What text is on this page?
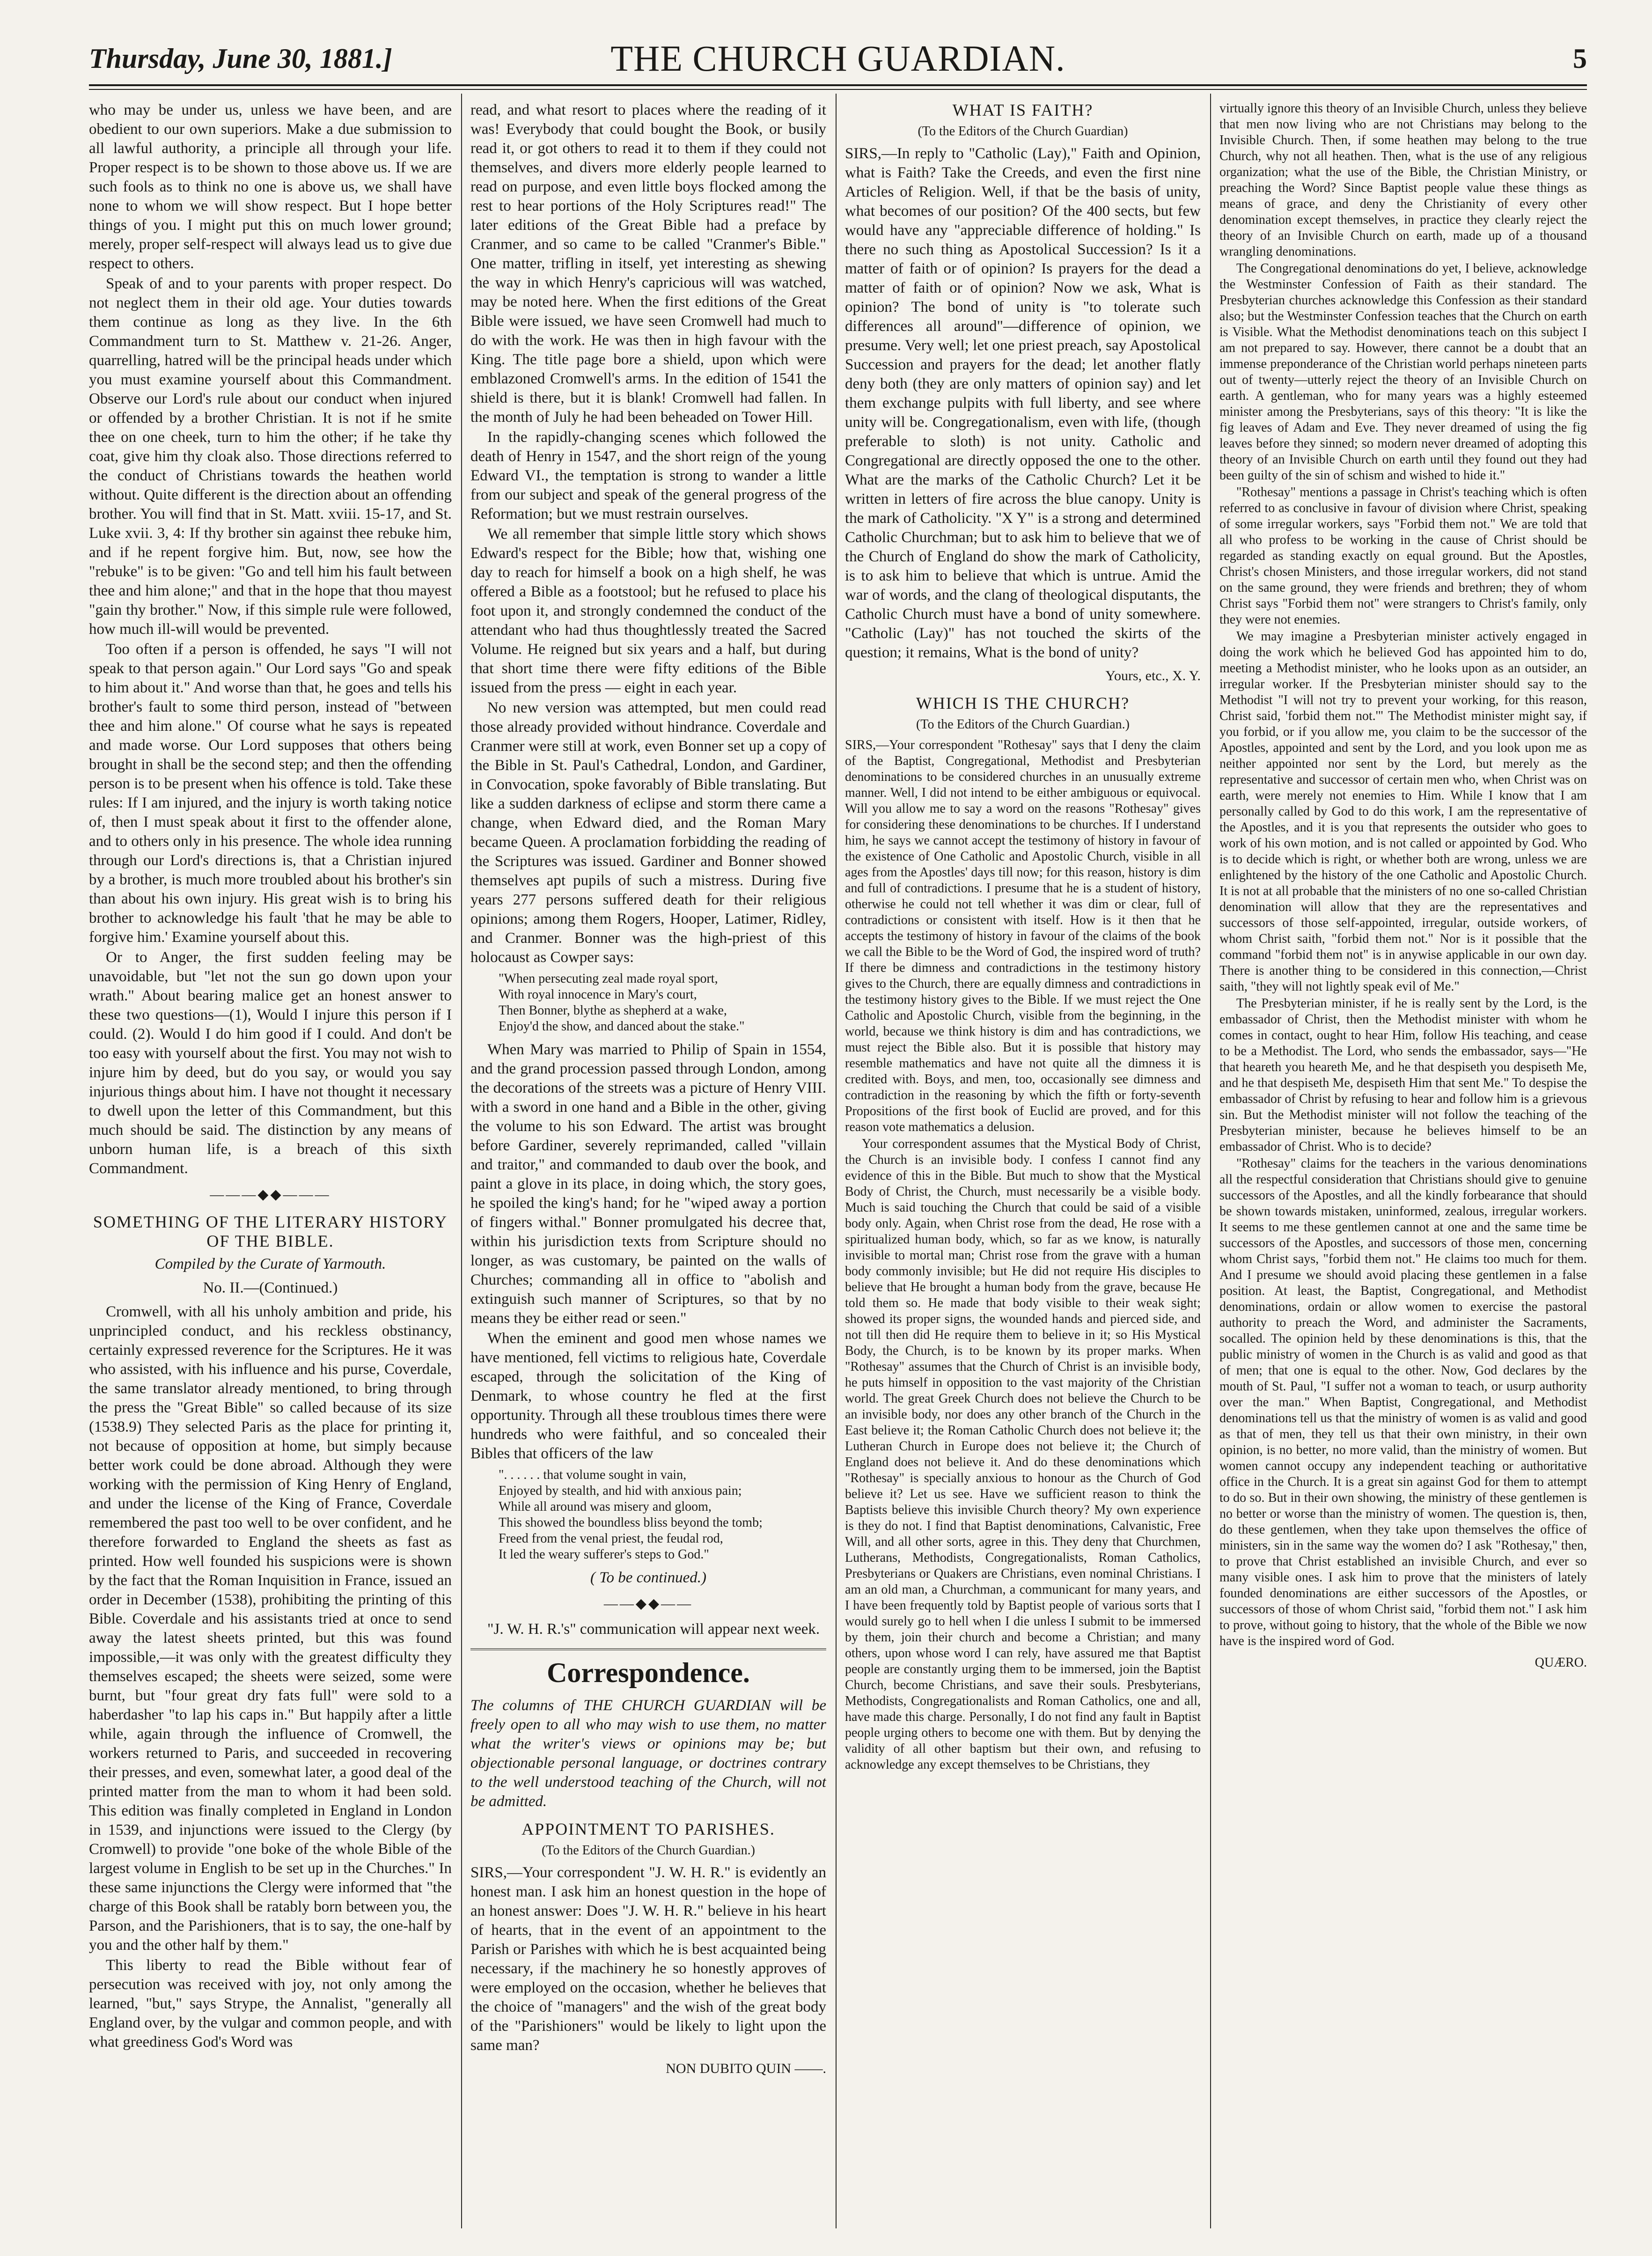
Thursday, June 30, 1881.]	THE CHURCH GUARDIAN.	5

who may be under us, unless we have been, and are obedient to our own superiors. Make a due submission to all lawful authority, a principle all through your life. Proper respect is to be shown to those above us. If we are such fools as to think no one is above us, we shall have none to whom we will show respect. But I hope better things of you. I might put this on much lower ground; merely, proper self-respect will always lead us to give due respect to others.

Speak of and to your parents with proper respect. Do not neglect them in their old age. Your duties towards them continue as long as they live. In the 6th Commandment turn to St. Matthew v. 21-26. Anger, quarrelling, hatred will be the principal heads under which you must examine yourself about this Commandment. Observe our Lord's rule about our conduct when injured or offended by a brother Christian. It is not if he smite thee on one cheek, turn to him the other; if he take thy coat, give him thy cloak also. Those directions referred to the conduct of Christians towards the heathen world without. Quite different is the direction about an offending brother. You will find that in St. Matt. xviii. 15-17, and St. Luke xvii. 3, 4: If thy brother sin against thee rebuke him, and if he repent forgive him. But, now, see how the "rebuke" is to be given: "Go and tell him his fault between thee and him alone;" and that in the hope that thou mayest "gain thy brother." Now, if this simple rule were followed, how much ill-will would be prevented.

Too often if a person is offended, he says "I will not speak to that person again." Our Lord says "Go and speak to him about it." And worse than that, he goes and tells his brother's fault to some third person, instead of "between thee and him alone." Of course what he says is repeated and made worse. Our Lord supposes that others being brought in shall be the second step; and then the offending person is to be present when his offence is told. Take these rules: If I am injured, and the injury is worth taking notice of, then I must speak about it first to the offender alone, and to others only in his presence. The whole idea running through our Lord's directions is, that a Christian injured by a brother, is much more troubled about his brother's sin than about his own injury. His great wish is to bring his brother to acknowledge his fault 'that he may be able to forgive him.' Examine yourself about this.

Or to Anger, the first sudden feeling may be unavoidable, but "let not the sun go down upon your wrath." About bearing malice get an honest answer to these two questions—(1), Would I injure this person if I could. (2). Would I do him good if I could. And don't be too easy with yourself about the first. You may not wish to injure him by deed, but do you say, or would you say injurious things about him. I have not thought it necessary to dwell upon the letter of this Commandment, but this much should be said. The distinction by any means of unborn human life, is a breach of this sixth Commandment.

———◆◆———
SOMETHING OF THE LITERARY HISTORY OF THE BIBLE.
Compiled by the Curate of Yarmouth.
No. II.—(Continued.)

Cromwell, with all his unholy ambition and pride, his unprincipled conduct, and his reckless obstinancy, certainly expressed reverence for the Scriptures. He it was who assisted, with his influence and his purse, Coverdale, the same translator already mentioned, to bring through the press the "Great Bible" so called because of its size (1538.9) They selected Paris as the place for printing it, not because of opposition at home, but simply because better work could be done abroad. Although they were working with the permission of King Henry of England, and under the license of the King of France, Coverdale remembered the past too well to be over confident, and he therefore forwarded to England the sheets as fast as printed. How well founded his suspicions were is shown by the fact that the Roman Inquisition in France, issued an order in December (1538), prohibiting the printing of this Bible. Coverdale and his assistants tried at once to send away the latest sheets printed, but this was found impossible,—it was only with the greatest difficulty they themselves escaped; the sheets were seized, some were burnt, but "four great dry fats full" were sold to a haberdasher "to lap his caps in." But happily after a little while, again through the influence of Cromwell, the workers returned to Paris, and succeeded in recovering their presses, and even, somewhat later, a good deal of the printed matter from the man to whom it had been sold. This edition was finally completed in England in London in 1539, and injunctions were issued to the Clergy (by Cromwell) to provide "one boke of the whole Bible of the largest volume in English to be set up in the Churches." In these same injunctions the Clergy were informed that "the charge of this Book shall be ratably born between you, the Parson, and the Parishioners, that is to say, the one-half by you and the other half by them."

This liberty to read the Bible without fear of persecution was received with joy, not only among the learned, "but," says Strype, the Annalist, "generally all England over, by the vulgar and common people, and with what greediness God's Word was

read, and what resort to places where the reading of it was! Everybody that could bought the Book, or busily read it, or got others to read it to them if they could not themselves, and divers more elderly people learned to read on purpose, and even little boys flocked among the rest to hear portions of the Holy Scriptures read!" The later editions of the Great Bible had a preface by Cranmer, and so came to be called "Cranmer's Bible." One matter, trifling in itself, yet interesting as shewing the way in which Henry's capricious will was watched, may be noted here. When the first editions of the Great Bible were issued, we have seen Cromwell had much to do with the work. He was then in high favour with the King. The title page bore a shield, upon which were emblazoned Cromwell's arms. In the edition of 1541 the shield is there, but it is blank! Cromwell had fallen. In the month of July he had been beheaded on Tower Hill.

In the rapidly-changing scenes which followed the death of Henry in 1547, and the short reign of the young Edward VI., the temptation is strong to wander a little from our subject and speak of the general progress of the Reformation; but we must restrain ourselves.

We all remember that simple little story which shows Edward's respect for the Bible; how that, wishing one day to reach for himself a book on a high shelf, he was offered a Bible as a footstool; but he refused to place his foot upon it, and strongly condemned the conduct of the attendant who had thus thoughtlessly treated the Sacred Volume. He reigned but six years and a half, but during that short time there were fifty editions of the Bible issued from the press — eight in each year.

No new version was attempted, but men could read those already provided without hindrance. Coverdale and Cranmer were still at work, even Bonner set up a copy of the Bible in St. Paul's Cathedral, London, and Gardiner, in Convocation, spoke favorably of Bible translating. But like a sudden darkness of eclipse and storm there came a change, when Edward died, and the Roman Mary became Queen. A proclamation forbidding the reading of the Scriptures was issued. Gardiner and Bonner showed themselves apt pupils of such a mistress. During five years 277 persons suffered death for their religious opinions; among them Rogers, Hooper, Latimer, Ridley, and Cranmer. Bonner was the high-priest of this holocaust as Cowper says:

"When persecuting zeal made royal sport,
With royal innocence in Mary's court,
Then Bonner, blythe as shepherd at a wake,
Enjoy'd the show, and danced about the stake."

When Mary was married to Philip of Spain in 1554, and the grand procession passed through London, among the decorations of the streets was a picture of Henry VIII. with a sword in one hand and a Bible in the other, giving the volume to his son Edward. The artist was brought before Gardiner, severely reprimanded, called "villain and traitor," and commanded to daub over the book, and paint a glove in its place, in doing which, the story goes, he spoiled the king's hand; for he "wiped away a portion of fingers withal." Bonner promulgated his decree that, within his jurisdiction texts from Scripture should no longer, as was customary, be painted on the walls of Churches; commanding all in office to "abolish and extinguish such manner of Scriptures, so that by no means they be either read or seen."

When the eminent and good men whose names we have mentioned, fell victims to religious hate, Coverdale escaped, through the solicitation of the King of Denmark, to whose country he fled at the first opportunity. Through all these troublous times there were hundreds who were faithful, and so concealed their Bibles that officers of the law

". . . . . . that volume sought in vain,
Enjoyed by stealth, and hid with anxious pain;
While all around was misery and gloom,
This showed the boundless bliss beyond the tomb;
Freed from the venal priest, the feudal rod,
It led the weary sufferer's steps to God."
( To be continued.)
——◆◆——

"J. W. H. R.'s" communication will appear next week.

Correspondence.
The columns of THE CHURCH GUARDIAN will be freely open to all who may wish to use them, no matter what the writer's views or opinions may be; but objectionable personal language, or doctrines contrary to the well understood teaching of the Church, will not be admitted.
APPOINTMENT TO PARISHES.
(To the Editors of the Church Guardian.)

SIRS,—Your correspondent "J. W. H. R." is evidently an honest man. I ask him an honest question in the hope of an honest answer: Does "J. W. H. R." believe in his heart of hearts, that in the event of an appointment to the Parish or Parishes with which he is best acquainted being necessary, if the machinery he so honestly approves of were employed on the occasion, whether he believes that the choice of "managers" and the wish of the great body of the "Parishioners" would be likely to light upon the same man?

NON DUBITO QUIN ——.
WHAT IS FAITH?
(To the Editors of the Church Guardian)

SIRS,—In reply to "Catholic (Lay)," Faith and Opinion, what is Faith? Take the Creeds, and even the first nine Articles of Religion. Well, if that be the basis of unity, what becomes of our position? Of the 400 sects, but few would have any "appreciable difference of holding." Is there no such thing as Apostolical Succession? Is it a matter of faith or of opinion? Is prayers for the dead a matter of faith or of opinion? Now we ask, What is opinion? The bond of unity is "to tolerate such differences all around"—difference of opinion, we presume. Very well; let one priest preach, say Apostolical Succession and prayers for the dead; let another flatly deny both (they are only matters of opinion say) and let them exchange pulpits with full liberty, and see where unity will be. Congregationalism, even with life, (though preferable to sloth) is not unity. Catholic and Congregational are directly opposed the one to the other. What are the marks of the Catholic Church? Let it be written in letters of fire across the blue canopy. Unity is the mark of Catholicity. "X Y" is a strong and determined Catholic Churchman; but to ask him to believe that we of the Church of England do show the mark of Catholicity, is to ask him to believe that which is untrue. Amid the war of words, and the clang of theological disputants, the Catholic Church must have a bond of unity somewhere. "Catholic (Lay)" has not touched the skirts of the question; it remains, What is the bond of unity?

Yours, etc., X. Y.
WHICH IS THE CHURCH?
(To the Editors of the Church Guardian.)

SIRS,—Your correspondent "Rothesay" says that I deny the claim of the Baptist, Congregational, Methodist and Presbyterian denominations to be considered churches in an unusually extreme manner. Well, I did not intend to be either ambiguous or equivocal. Will you allow me to say a word on the reasons "Rothesay" gives for considering these denominations to be churches. If I understand him, he says we cannot accept the testimony of history in favour of the existence of One Catholic and Apostolic Church, visible in all ages from the Apostles' days till now; for this reason, history is dim and full of contradictions. I presume that he is a student of history, otherwise he could not tell whether it was dim or clear, full of contradictions or consistent with itself. How is it then that he accepts the testimony of history in favour of the claims of the book we call the Bible to be the Word of God, the inspired word of truth? If there be dimness and contradictions in the testimony history gives to the Church, there are equally dimness and contradictions in the testimony history gives to the Bible. If we must reject the One Catholic and Apostolic Church, visible from the beginning, in the world, because we think history is dim and has contradictions, we must reject the Bible also. But it is possible that history may resemble mathematics and have not quite all the dimness it is credited with. Boys, and men, too, occasionally see dimness and contradiction in the reasoning by which the fifth or forty-seventh Propositions of the first book of Euclid are proved, and for this reason vote mathematics a delusion.

Your correspondent assumes that the Mystical Body of Christ, the Church is an invisible body. I confess I cannot find any evidence of this in the Bible. But much to show that the Mystical Body of Christ, the Church, must necessarily be a visible body. Much is said touching the Church that could be said of a visible body only. Again, when Christ rose from the dead, He rose with a spiritualized human body, which, so far as we know, is naturally invisible to mortal man; Christ rose from the grave with a human body commonly invisible; but He did not require His disciples to believe that He brought a human body from the grave, because He told them so. He made that body visible to their weak sight; showed its proper signs, the wounded hands and pierced side, and not till then did He require them to believe in it; so His Mystical Body, the Church, is to be known by its proper marks. When "Rothesay" assumes that the Church of Christ is an invisible body, he puts himself in opposition to the vast majority of the Christian world. The great Greek Church does not believe the Church to be an invisible body, nor does any other branch of the Church in the East believe it; the Roman Catholic Church does not believe it; the Lutheran Church in Europe does not believe it; the Church of England does not believe it. And do these denominations which "Rothesay" is specially anxious to honour as the Church of God believe it? Let us see. Have we sufficient reason to think the Baptists believe this invisible Church theory? My own experience is they do not. I find that Baptist denominations, Calvanistic, Free Will, and all other sorts, agree in this. They deny that Churchmen, Lutherans, Methodists, Congregationalists, Roman Catholics, Presbyterians or Quakers are Christians, even nominal Christians. I am an old man, a Churchman, a communicant for many years, and I have been frequently told by Baptist people of various sorts that I would surely go to hell when I die unless I submit to be immersed by them, join their church and become a Christian; and many others, upon whose word I can rely, have assured me that Baptist people are constantly urging them to be immersed, join the Baptist Church, become Christians, and save their souls. Presbyterians, Methodists, Congregationalists and Roman Catholics, one and all, have made this charge. Personally, I do not find any fault in Baptist people urging others to become one with them. But by denying the validity of all other baptism but their own, and refusing to acknowledge any except themselves to be Christians, they

virtually ignore this theory of an Invisible Church, unless they believe that men now living who are not Christians may belong to the Invisible Church. Then, if some heathen may belong to the true Church, why not all heathen. Then, what is the use of any religious organization; what the use of the Bible, the Christian Ministry, or preaching the Word? Since Baptist people value these things as means of grace, and deny the Christianity of every other denomination except themselves, in practice they clearly reject the theory of an Invisible Church on earth, made up of a thousand wrangling denominations.

The Congregational denominations do yet, I believe, acknowledge the Westminster Confession of Faith as their standard. The Presbyterian churches acknowledge this Confession as their standard also; but the Westminster Confession teaches that the Church on earth is Visible. What the Methodist denominations teach on this subject I am not prepared to say. However, there cannot be a doubt that an immense preponderance of the Christian world perhaps nineteen parts out of twenty—utterly reject the theory of an Invisible Church on earth. A gentleman, who for many years was a highly esteemed minister among the Presbyterians, says of this theory: "It is like the fig leaves of Adam and Eve. They never dreamed of using the fig leaves before they sinned; so modern never dreamed of adopting this theory of an Invisible Church on earth until they found out they had been guilty of the sin of schism and wished to hide it."

"Rothesay" mentions a passage in Christ's teaching which is often referred to as conclusive in favour of division where Christ, speaking of some irregular workers, says "Forbid them not." We are told that all who profess to be working in the cause of Christ should be regarded as standing exactly on equal ground. But the Apostles, Christ's chosen Ministers, and those irregular workers, did not stand on the same ground, they were friends and brethren; they of whom Christ says "Forbid them not" were strangers to Christ's family, only they were not enemies.

We may imagine a Presbyterian minister actively engaged in doing the work which he believed God has appointed him to do, meeting a Methodist minister, who he looks upon as an outsider, an irregular worker. If the Presbyterian minister should say to the Methodist "I will not try to prevent your working, for this reason, Christ said, 'forbid them not.'" The Methodist minister might say, if you forbid, or if you allow me, you claim to be the successor of the Apostles, appointed and sent by the Lord, and you look upon me as neither appointed nor sent by the Lord, but merely as the representative and successor of certain men who, when Christ was on earth, were merely not enemies to Him. While I know that I am personally called by God to do this work, I am the representative of the Apostles, and it is you that represents the outsider who goes to work of his own motion, and is not called or appointed by God. Who is to decide which is right, or whether both are wrong, unless we are enlightened by the history of the one Catholic and Apostolic Church. It is not at all probable that the ministers of no one so-called Christian denomination will allow that they are the representatives and successors of those self-appointed, irregular, outside workers, of whom Christ saith, "forbid them not." Nor is it possible that the command "forbid them not" is in anywise applicable in our own day. There is another thing to be considered in this connection,—Christ saith, "they will not lightly speak evil of Me."

The Presbyterian minister, if he is really sent by the Lord, is the embassador of Christ, then the Methodist minister with whom he comes in contact, ought to hear Him, follow His teaching, and cease to be a Methodist. The Lord, who sends the embassador, says—"He that heareth you heareth Me, and he that despiseth you despiseth Me, and he that despiseth Me, despiseth Him that sent Me." To despise the embassador of Christ by refusing to hear and follow him is a grievous sin. But the Methodist minister will not follow the teaching of the Presbyterian minister, because he believes himself to be an embassador of Christ. Who is to decide?

"Rothesay" claims for the teachers in the various denominations all the respectful consideration that Christians should give to genuine successors of the Apostles, and all the kindly forbearance that should be shown towards mistaken, uninformed, zealous, irregular workers. It seems to me these gentlemen cannot at one and the same time be successors of the Apostles, and successors of those men, concerning whom Christ says, "forbid them not." He claims too much for them. And I presume we should avoid placing these gentlemen in a false position. At least, the Baptist, Congregational, and Methodist denominations, ordain or allow women to exercise the pastoral authority to preach the Word, and administer the Sacraments, socalled. The opinion held by these denominations is this, that the public ministry of women in the Church is as valid and good as that of men; that one is equal to the other. Now, God declares by the mouth of St. Paul, "I suffer not a woman to teach, or usurp authority over the man." When Baptist, Congregational, and Methodist denominations tell us that the ministry of women is as valid and good as that of men, they tell us that their own ministry, in their own opinion, is no better, no more valid, than the ministry of women. But women cannot occupy any independent teaching or authoritative office in the Church. It is a great sin against God for them to attempt to do so. But in their own showing, the ministry of these gentlemen is no better or worse than the ministry of women. The question is, then, do these gentlemen, when they take upon themselves the office of ministers, sin in the same way the women do? I ask "Rothesay," then, to prove that Christ established an invisible Church, and ever so many visible ones. I ask him to prove that the ministers of lately founded denominations are either successors of the Apostles, or successors of those of whom Christ said, "forbid them not." I ask him to prove, without going to history, that the whole of the Bible we now have is the inspired word of God.

QUÆRO.
